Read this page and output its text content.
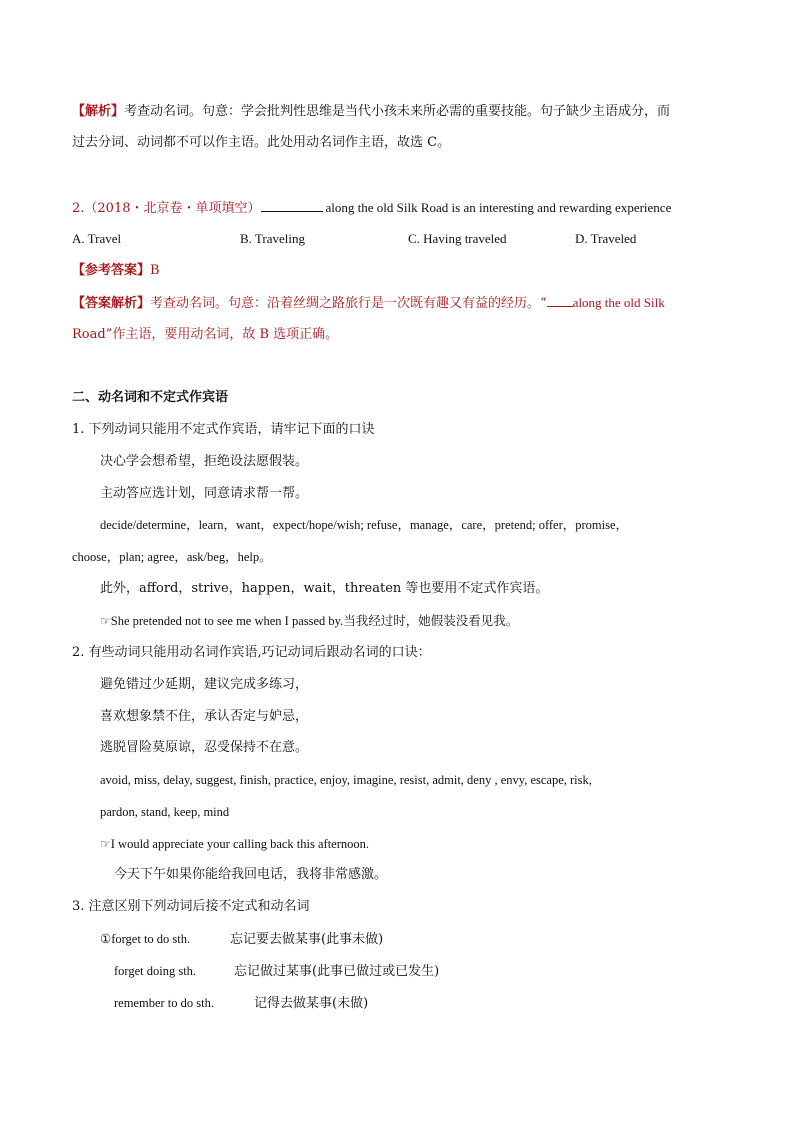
【解析】考查动名词。句意：学会批判性思维是当代小孩未来所必需的重要技能。句子缺少主语成分，而
过去分词、动词都不可以作主语。此处用动名词作主语，故选 C。
2.（2018・北京卷・单项填空）	along the old Silk Road is an interesting and rewarding experience
A. Travel	B. Traveling	C. Having traveled	D. Traveled
【参考答案】B
【答案解析】考查动名词。句意：沿着丝绸之路旅行是一次既有趣又有益的经历。“ along the old Silk
Road”作主语，要用动名词，故 B 选项正确。
二、动名词和不定式作宾语
1. 下列动词只能用不定式作宾语，请牢记下面的口诀
决心学会想希望，拒绝设法愿假装。
主动答应选计划，同意请求帮一帮。
decide/determine，learn，want，expect/hope/wish; refuse，manage，care，pretend; offer，promise，
choose，plan; agree，ask/beg，help。
此外，afford，strive，happen，wait，threaten 等也要用不定式作宾语。
☞She pretended not to see me when I passed by.当我经过时，她假装没看见我。
2. 有些动词只能用动名词作宾语,巧记动词后跟动名词的口诀：
避免错过少延期，建议完成多练习，
喜欢想象禁不住，承认否定与妒忌，
逃脱冒险莫原谅，忍受保持不在意。
avoid, miss, delay, suggest, finish, practice, enjoy, imagine, resist, admit, deny , envy, escape, risk,
pardon, stand, keep, mind
☞I would appreciate your calling back this afternoon.
今天下午如果你能给我回电话，我将非常感激。
3. 注意区别下列动词后接不定式和动名词
①forget to do sth.	忘记要去做某事(此事未做)
forget doing sth.	忘记做过某事(此事已做过或已发生)
remember to do sth.	记得去做某事(未做)
